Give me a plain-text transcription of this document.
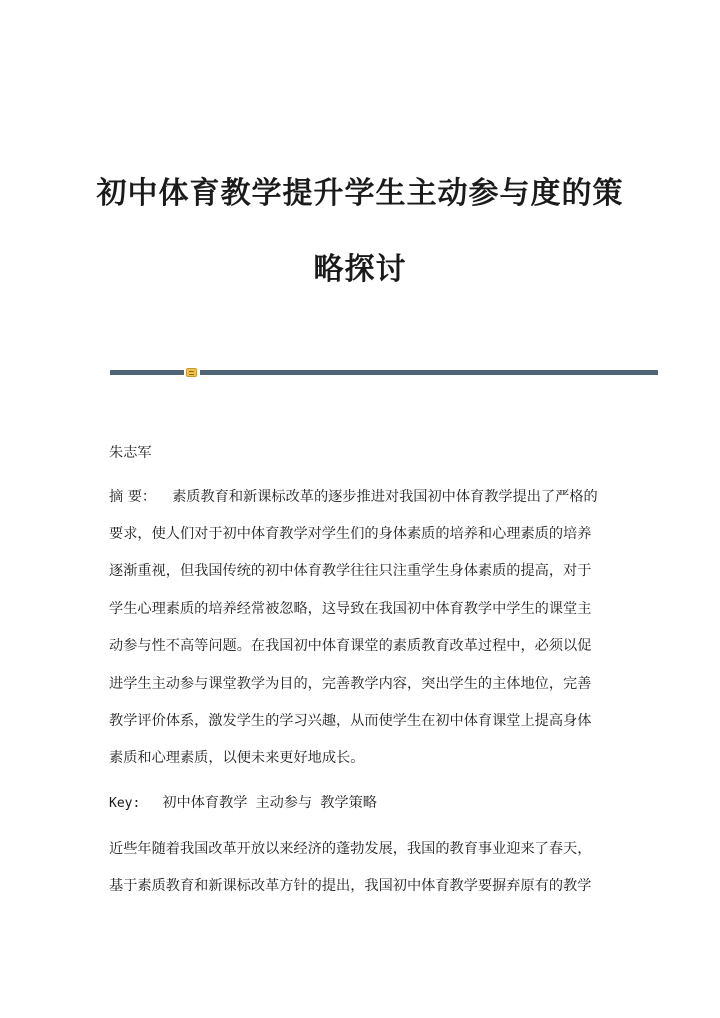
初中体育教学提升学生主动参与度的策
略探讨

朱志军

摘 要： 素质教育和新课标改革的逐步推进对我国初中体育教学提出了严格的

要求，使人们对于初中体育教学对学生们的身体素质的培养和心理素质的培养

逐渐重视，但我国传统的初中体育教学往往只注重学生身体素质的提高，对于

学生心理素质的培养经常被忽略，这导致在我国初中体育教学中学生的课堂主

动参与性不高等问题。在我国初中体育课堂的素质教育改革过程中，必须以促

进学生主动参与课堂教学为目的，完善教学内容，突出学生的主体地位，完善

教学评价体系，激发学生的学习兴趣，从而使学生在初中体育课堂上提高身体

素质和心理素质，以便未来更好地成长。

Key: 初中体育教学 主动参与 教学策略

近些年随着我国改革开放以来经济的蓬勃发展，我国的教育事业迎来了春天，

基于素质教育和新课标改革方针的提出，我国初中体育教学要摒弃原有的教学
